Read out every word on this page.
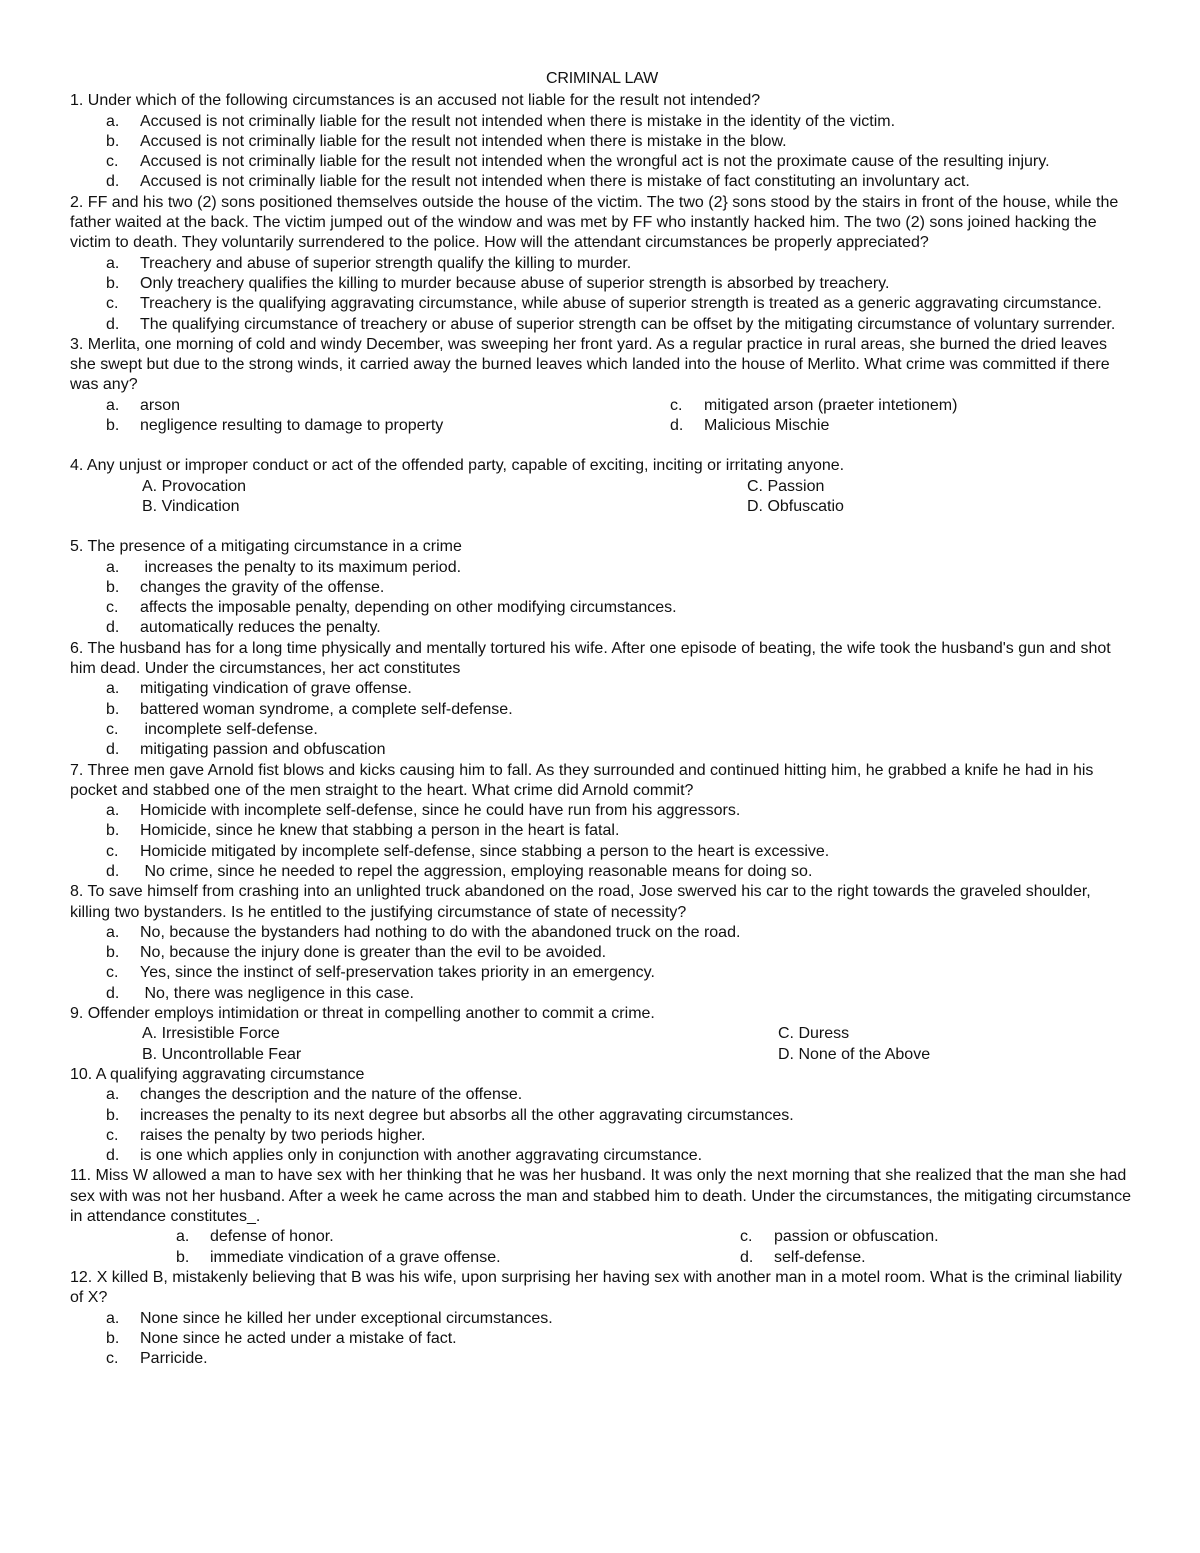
CRIMINAL LAW
1. Under which of the following circumstances is an accused not liable for the result not intended?
a.	Accused is not criminally liable for the result not intended when there is mistake in the identity of the victim.
b.	Accused is not criminally liable for the result not intended when there is mistake in the blow.
c.	Accused is not criminally liable for the result not intended when the wrongful act is not the proximate cause of the resulting injury.
d.	Accused is not criminally liable for the result not intended when there is mistake of fact constituting an involuntary act.
2. FF and his two (2) sons positioned themselves outside the house of the victim. The two (2} sons stood by the stairs in front of the house, while the father waited at the back. The victim jumped out of the window and was met by FF who instantly hacked him. The two (2) sons joined hacking the victim to death. They voluntarily surrendered to the police. How will the attendant circumstances be properly appreciated?
a.	Treachery and abuse of superior strength qualify the killing to murder.
b.	Only treachery qualifies the killing to murder because abuse of superior strength is absorbed by treachery.
c.	Treachery is the qualifying aggravating circumstance, while abuse of superior strength is treated as a generic aggravating circumstance.
d.	The qualifying circumstance of treachery or abuse of superior strength can be offset by the mitigating circumstance of voluntary surrender.
3. Merlita, one morning of cold and windy December, was sweeping her front yard. As a regular practice in rural areas, she burned the dried leaves she swept but due to the strong winds, it carried away the burned leaves which landed into the house of Merlito. What crime was committed if there was any?
a.	arson	c.	mitigated arson (praeter intetionem)
b.	negligence resulting to damage to property	d.	Malicious Mischie
4. Any unjust or improper conduct or act of the offended party, capable of exciting, inciting or irritating anyone.
A. Provocation	C. Passion
B. Vindication	D. Obfuscatio
5. The presence of a mitigating circumstance in a crime
a.	increases the penalty to its maximum period.
b.	changes the gravity of the offense.
c.	affects the imposable penalty, depending on other modifying circumstances.
d.	automatically reduces the penalty.
6. The husband has for a long time physically and mentally tortured his wife. After one episode of beating, the wife took the husband's gun and shot him dead. Under the circumstances, her act constitutes
a.	mitigating vindication of grave offense.
b.	battered woman syndrome, a complete self-defense.
c.	incomplete self-defense.
d.	mitigating passion and obfuscation
7. Three men gave Arnold fist blows and kicks causing him to fall. As they surrounded and continued hitting him, he grabbed a knife he had in his pocket and stabbed one of the men straight to the heart. What crime did Arnold commit?
a.	Homicide with incomplete self-defense, since he could have run from his aggressors.
b.	Homicide, since he knew that stabbing a person in the heart is fatal.
c.	Homicide mitigated by incomplete self-defense, since stabbing a person to the heart is excessive.
d.	No crime, since he needed to repel the aggression, employing reasonable means for doing so.
8. To save himself from crashing into an unlighted truck abandoned on the road, Jose swerved his car to the right towards the graveled shoulder, killing two bystanders. Is he entitled to the justifying circumstance of state of necessity?
a.	No, because the bystanders had nothing to do with the abandoned truck on the road.
b.	No, because the injury done is greater than the evil to be avoided.
c.	Yes, since the instinct of self-preservation takes priority in an emergency.
d.	No, there was negligence in this case.
9. Offender employs intimidation or threat in compelling another to commit a crime.
A. Irresistible Force	C. Duress
B. Uncontrollable Fear	D. None of the Above
10. A qualifying aggravating circumstance
a.	changes the description and the nature of the offense.
b.	increases the penalty to its next degree but absorbs all the other aggravating circumstances.
c.	raises the penalty by two periods higher.
d.	is one which applies only in conjunction with another aggravating circumstance.
11. Miss W allowed a man to have sex with her thinking that he was her husband. It was only the next morning that she realized that the man she had sex with was not her husband. After a week he came across the man and stabbed him to death. Under the circumstances, the mitigating circumstance in attendance constitutes_.
a.	defense of honor.	c.	passion or obfuscation.
b.	immediate vindication of a grave offense.	d.	self-defense.
12. X killed B, mistakenly believing that B was his wife, upon surprising her having sex with another man in a motel room. What is the criminal liability of X?
a.	None since he killed her under exceptional circumstances.
b.	None since he acted under a mistake of fact.
c.	Parricide.
